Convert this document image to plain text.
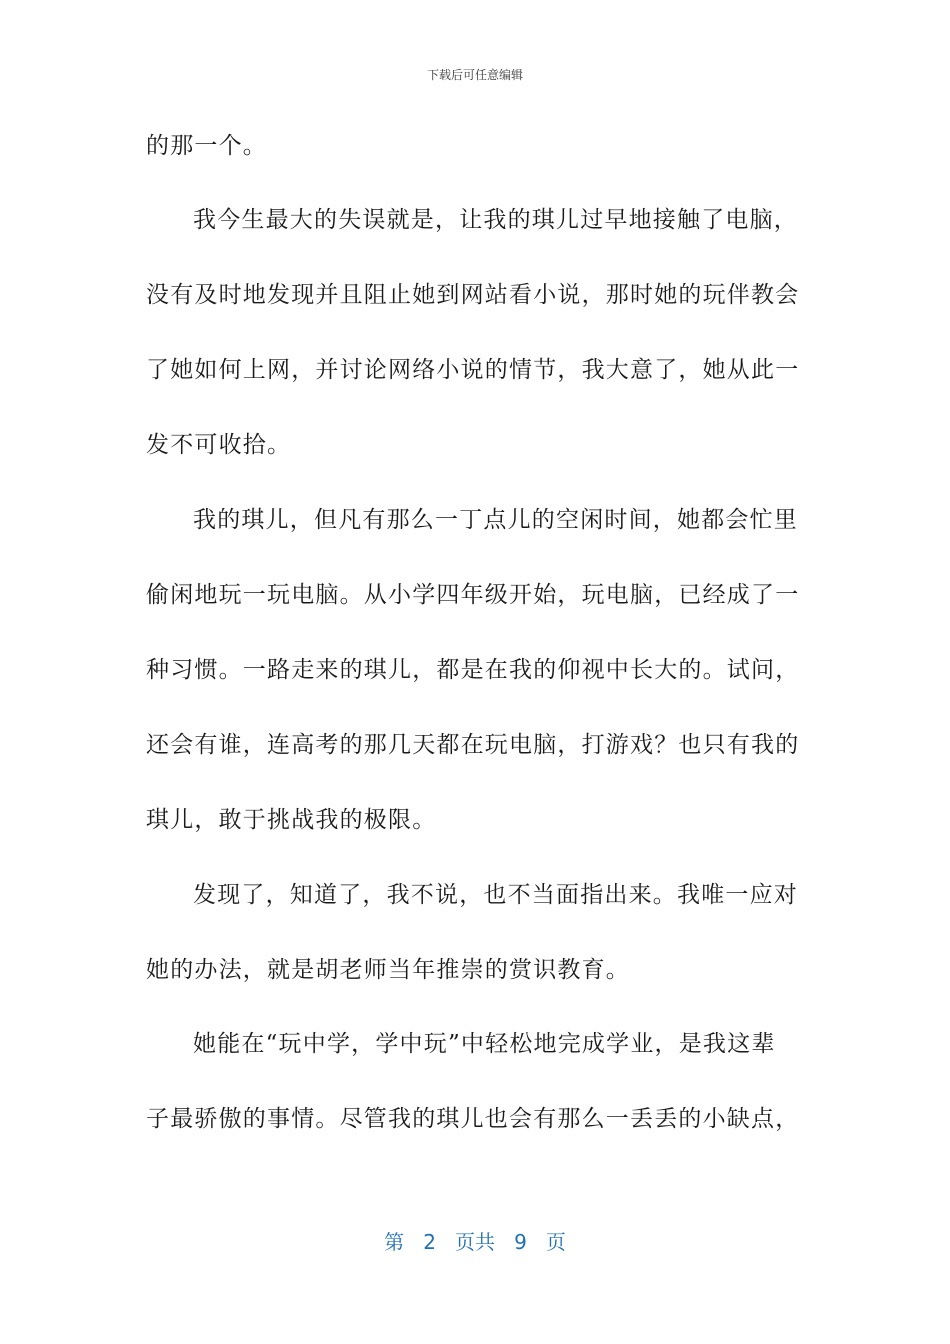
下载后可任意编辑
的那一个。
我今生最大的失误就是，让我的琪儿过早地接触了电脑，
没有及时地发现并且阻止她到网站看小说，那时她的玩伴教会
了她如何上网，并讨论网络小说的情节，我大意了，她从此一
发不可收拾。
我的琪儿，但凡有那么一丁点儿的空闲时间，她都会忙里
偷闲地玩一玩电脑。从小学四年级开始，玩电脑，已经成了一
种习惯。一路走来的琪儿，都是在我的仰视中长大的。试问，
还会有谁，连高考的那几天都在玩电脑，打游戏？也只有我的
琪儿，敢于挑战我的极限。
发现了，知道了，我不说，也不当面指出来。我唯一应对
她的办法，就是胡老师当年推崇的赏识教育。
她能在“玩中学，学中玩”中轻松地完成学业，是我这辈
子最骄傲的事情。尽管我的琪儿也会有那么一丢丢的小缺点，
第 2 页共 9 页
